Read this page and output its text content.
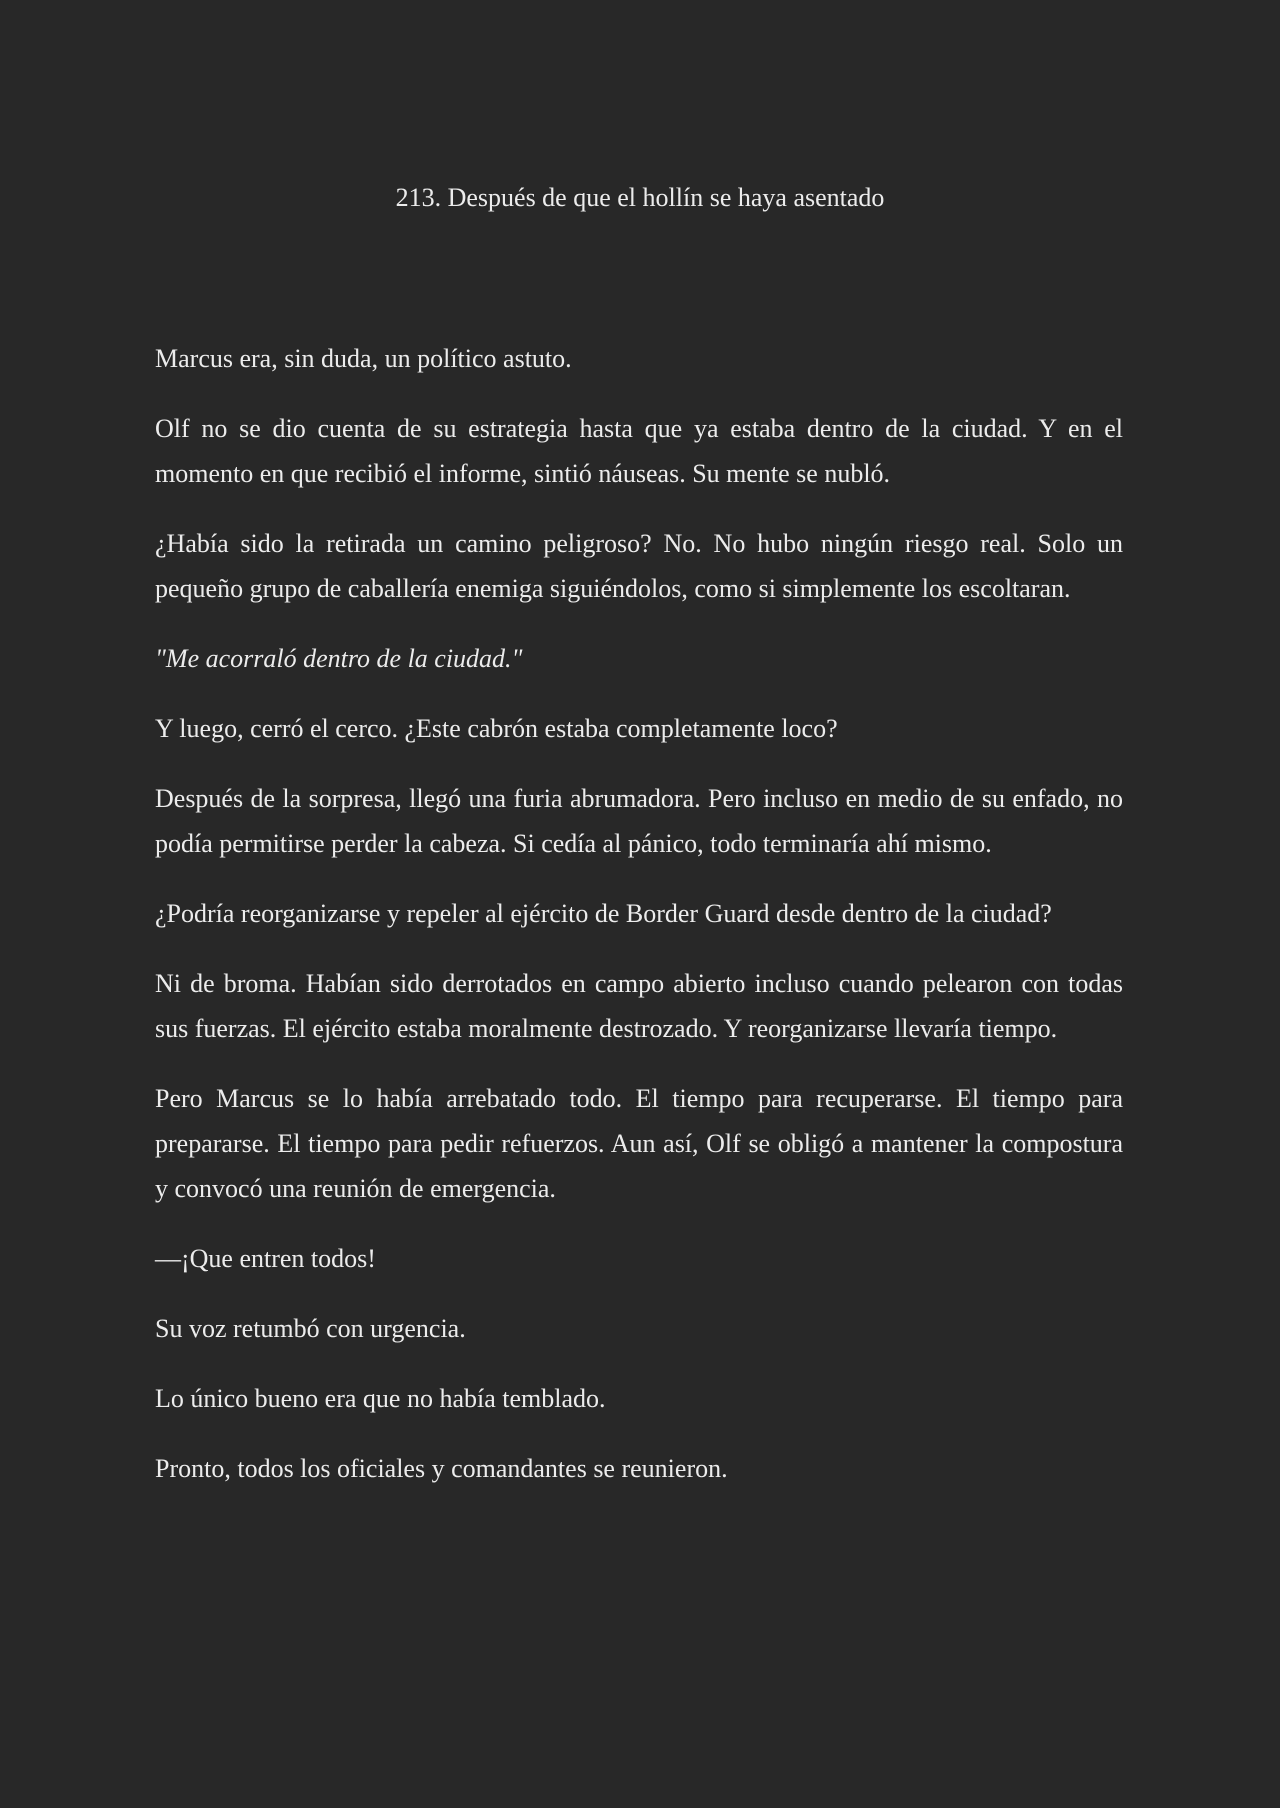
213. Después de que el hollín se haya asentado

Marcus era, sin duda, un político astuto.

Olf no se dio cuenta de su estrategia hasta que ya estaba dentro de la ciudad. Y en el momento en que recibió el informe, sintió náuseas. Su mente se nubló.

¿Había sido la retirada un camino peligroso? No. No hubo ningún riesgo real. Solo un pequeño grupo de caballería enemiga siguiéndolos, como si simplemente los escoltaran.

"Me acorraló dentro de la ciudad."

Y luego, cerró el cerco. ¿Este cabrón estaba completamente loco?

Después de la sorpresa, llegó una furia abrumadora. Pero incluso en medio de su enfado, no podía permitirse perder la cabeza. Si cedía al pánico, todo terminaría ahí mismo.

¿Podría reorganizarse y repeler al ejército de Border Guard desde dentro de la ciudad?

Ni de broma. Habían sido derrotados en campo abierto incluso cuando pelearon con todas sus fuerzas. El ejército estaba moralmente destrozado. Y reorganizarse llevaría tiempo.

Pero Marcus se lo había arrebatado todo. El tiempo para recuperarse. El tiempo para prepararse. El tiempo para pedir refuerzos. Aun así, Olf se obligó a mantener la compostura y convocó una reunión de emergencia.

—¡Que entren todos!

Su voz retumbó con urgencia.

Lo único bueno era que no había temblado.

Pronto, todos los oficiales y comandantes se reunieron.
